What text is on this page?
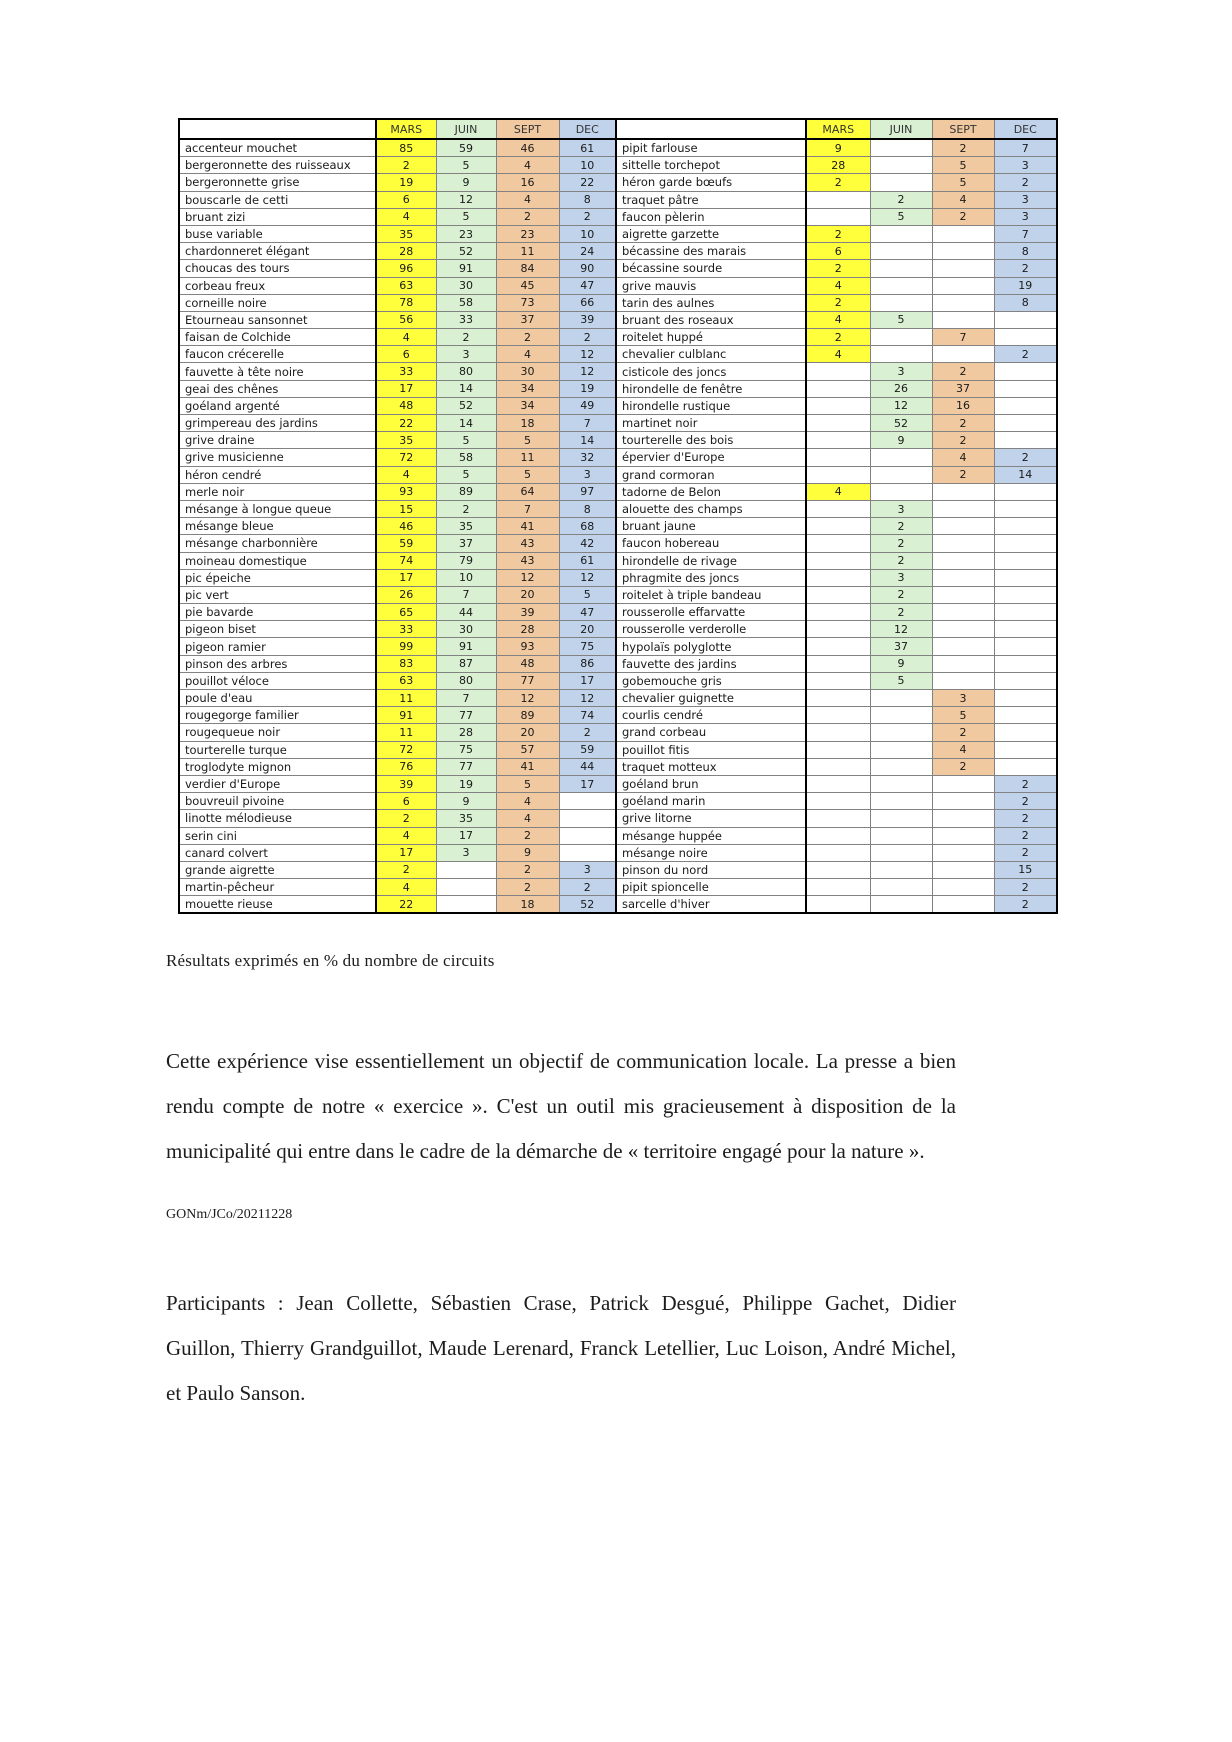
	MARS	JUIN	SEPT	DEC		MARS	JUIN	SEPT	DEC
accenteur mouchet	85	59	46	61	pipit farlouse	9		2	7
bergeronnette des ruisseaux	2	5	4	10	sittelle torchepot	28		5	3
bergeronnette grise	19	9	16	22	héron garde bœufs	2		5	2
bouscarle de cetti	6	12	4	8	traquet pâtre		2	4	3
bruant zizi	4	5	2	2	faucon pèlerin		5	2	3
buse variable	35	23	23	10	aigrette garzette	2			7
chardonneret élégant	28	52	11	24	bécassine des marais	6			8
choucas des tours	96	91	84	90	bécassine sourde	2			2
corbeau freux	63	30	45	47	grive mauvis	4			19
corneille noire	78	58	73	66	tarin des aulnes	2			8
Etourneau sansonnet	56	33	37	39	bruant des roseaux	4	5		
faisan de Colchide	4	2	2	2	roitelet huppé	2		7	
faucon crécerelle	6	3	4	12	chevalier culblanc	4			2
fauvette à tête noire	33	80	30	12	cisticole des joncs		3	2	
geai des chênes	17	14	34	19	hirondelle de fenêtre		26	37	
goéland argenté	48	52	34	49	hirondelle rustique		12	16	
grimpereau des jardins	22	14	18	7	martinet noir		52	2	
grive draine	35	5	5	14	tourterelle des bois		9	2	
grive musicienne	72	58	11	32	épervier d'Europe			4	2
héron cendré	4	5	5	3	grand cormoran			2	14
merle noir	93	89	64	97	tadorne de Belon	4			
mésange à longue queue	15	2	7	8	alouette des champs		3		
mésange bleue	46	35	41	68	bruant jaune		2		
mésange charbonnière	59	37	43	42	faucon hobereau		2		
moineau domestique	74	79	43	61	hirondelle de rivage		2		
pic épeiche	17	10	12	12	phragmite des joncs		3		
pic vert	26	7	20	5	roitelet à triple bandeau		2		
pie bavarde	65	44	39	47	rousserolle effarvatte		2		
pigeon biset	33	30	28	20	rousserolle verderolle		12		
pigeon ramier	99	91	93	75	hypolaïs polyglotte		37		
pinson des arbres	83	87	48	86	fauvette des jardins		9		
pouillot véloce	63	80	77	17	gobemouche gris		5		
poule d'eau	11	7	12	12	chevalier guignette			3	
rougegorge familier	91	77	89	74	courlis cendré			5	
rougequeue noir	11	28	20	2	grand corbeau			2	
tourterelle turque	72	75	57	59	pouillot fitis			4	
troglodyte mignon	76	77	41	44	traquet motteux			2	
verdier d'Europe	39	19	5	17	goéland brun				2
bouvreuil pivoine	6	9	4		goéland marin				2
linotte mélodieuse	2	35	4		grive litorne				2
serin cini	4	17	2		mésange huppée				2
canard colvert	17	3	9		mésange noire				2
grande aigrette	2		2	3	pinson du nord				15
martin-pêcheur	4		2	2	pipit spioncelle				2
mouette rieuse	22		18	52	sarcelle d'hiver				2
Résultats exprimés en % du nombre de circuits

Cette expérience vise essentiellement un objectif de communication locale. La presse a bien rendu compte de notre « exercice ». C'est un outil mis gracieusement à disposition de la municipalité qui entre dans le cadre de la démarche de « territoire engagé pour la nature ».

GONm/JCo/20211228

Participants : Jean Collette, Sébastien Crase, Patrick Desgué, Philippe Gachet, Didier Guillon, Thierry Grandguillot, Maude Lerenard, Franck Letellier, Luc Loison, André Michel, et Paulo Sanson.
